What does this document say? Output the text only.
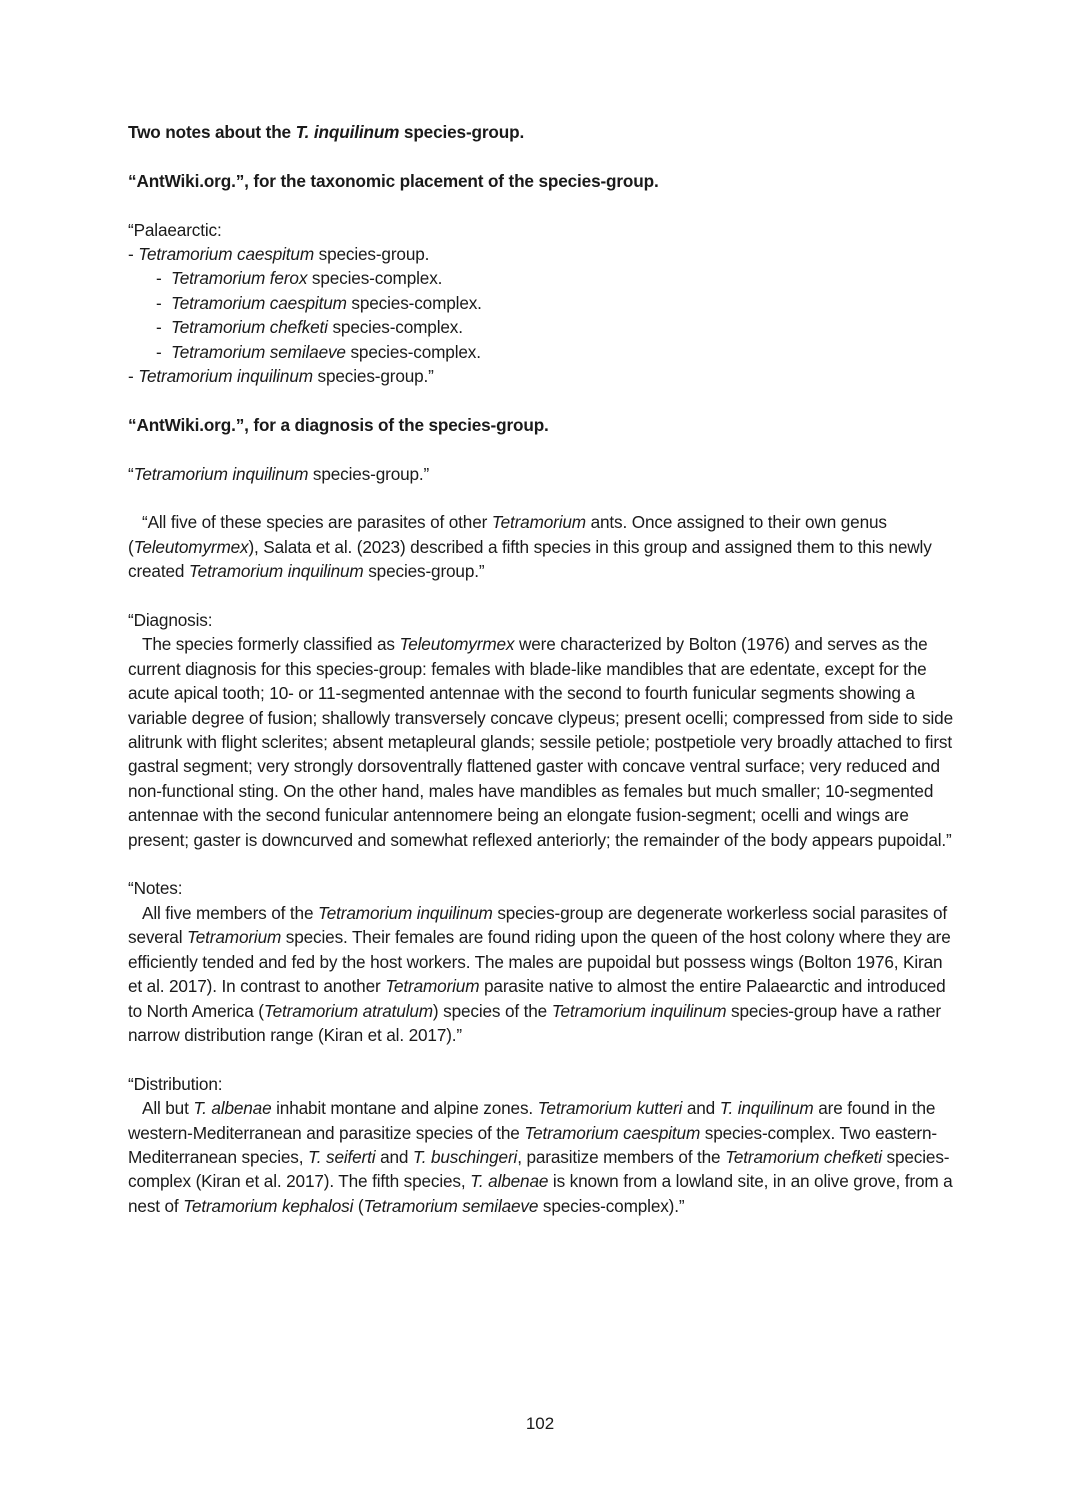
Two notes about the T. inquilinum species-group.

“AntWiki.org.”, for the taxonomic placement of the species-group.

“Palaearctic:

- Tetramorium caespitum species-group.

- Tetramorium ferox species-complex.
- Tetramorium caespitum species-complex.
- Tetramorium chefketi species-complex.
- Tetramorium semilaeve species-complex.

- Tetramorium inquilinum species-group.”

“AntWiki.org.”, for a diagnosis of the species-group.

“Tetramorium inquilinum species-group.”

“All five of these species are parasites of other Tetramorium ants. Once assigned to their own genus (Teleutomyrmex), Salata et al. (2023) described a fifth species in this group and assigned them to this newly created Tetramorium inquilinum species-group.”

“Diagnosis:

The species formerly classified as Teleutomyrmex were characterized by Bolton (1976) and serves as the current diagnosis for this species-group: females with blade-like mandibles that are edentate, except for the acute apical tooth; 10- or 11-segmented antennae with the second to fourth funicular segments showing a variable degree of fusion; shallowly transversely concave clypeus; present ocelli; compressed from side to side alitrunk with flight sclerites; absent metapleural glands; sessile petiole; postpetiole very broadly attached to first gastral segment; very strongly dorsoventrally flattened gaster with concave ventral surface; very reduced and non-functional sting. On the other hand, males have mandibles as females but much smaller; 10-segmented antennae with the second funicular antennomere being an elongate fusion-segment; ocelli and wings are present; gaster is downcurved and somewhat reflexed anteriorly; the remainder of the body appears pupoidal.”

“Notes:

All five members of the Tetramorium inquilinum species-group are degenerate workerless social parasites of several Tetramorium species. Their females are found riding upon the queen of the host colony where they are efficiently tended and fed by the host workers. The males are pupoidal but possess wings (Bolton 1976, Kiran et al. 2017). In contrast to another Tetramorium parasite native to almost the entire Palaearctic and introduced to North America (Tetramorium atratulum) species of the Tetramorium inquilinum species-group have a rather narrow distribution range (Kiran et al. 2017).”

“Distribution:

All but T. albenae inhabit montane and alpine zones. Tetramorium kutteri and T. inquilinum are found in the western-Mediterranean and parasitize species of the Tetramorium caespitum species-complex. Two eastern-Mediterranean species, T. seiferti and T. buschingeri, parasitize members of the Tetramorium chefketi species-complex (Kiran et al. 2017). The fifth species, T. albenae is known from a lowland site, in an olive grove, from a nest of Tetramorium kephalosi (Tetramorium semilaeve species-complex).”

102
